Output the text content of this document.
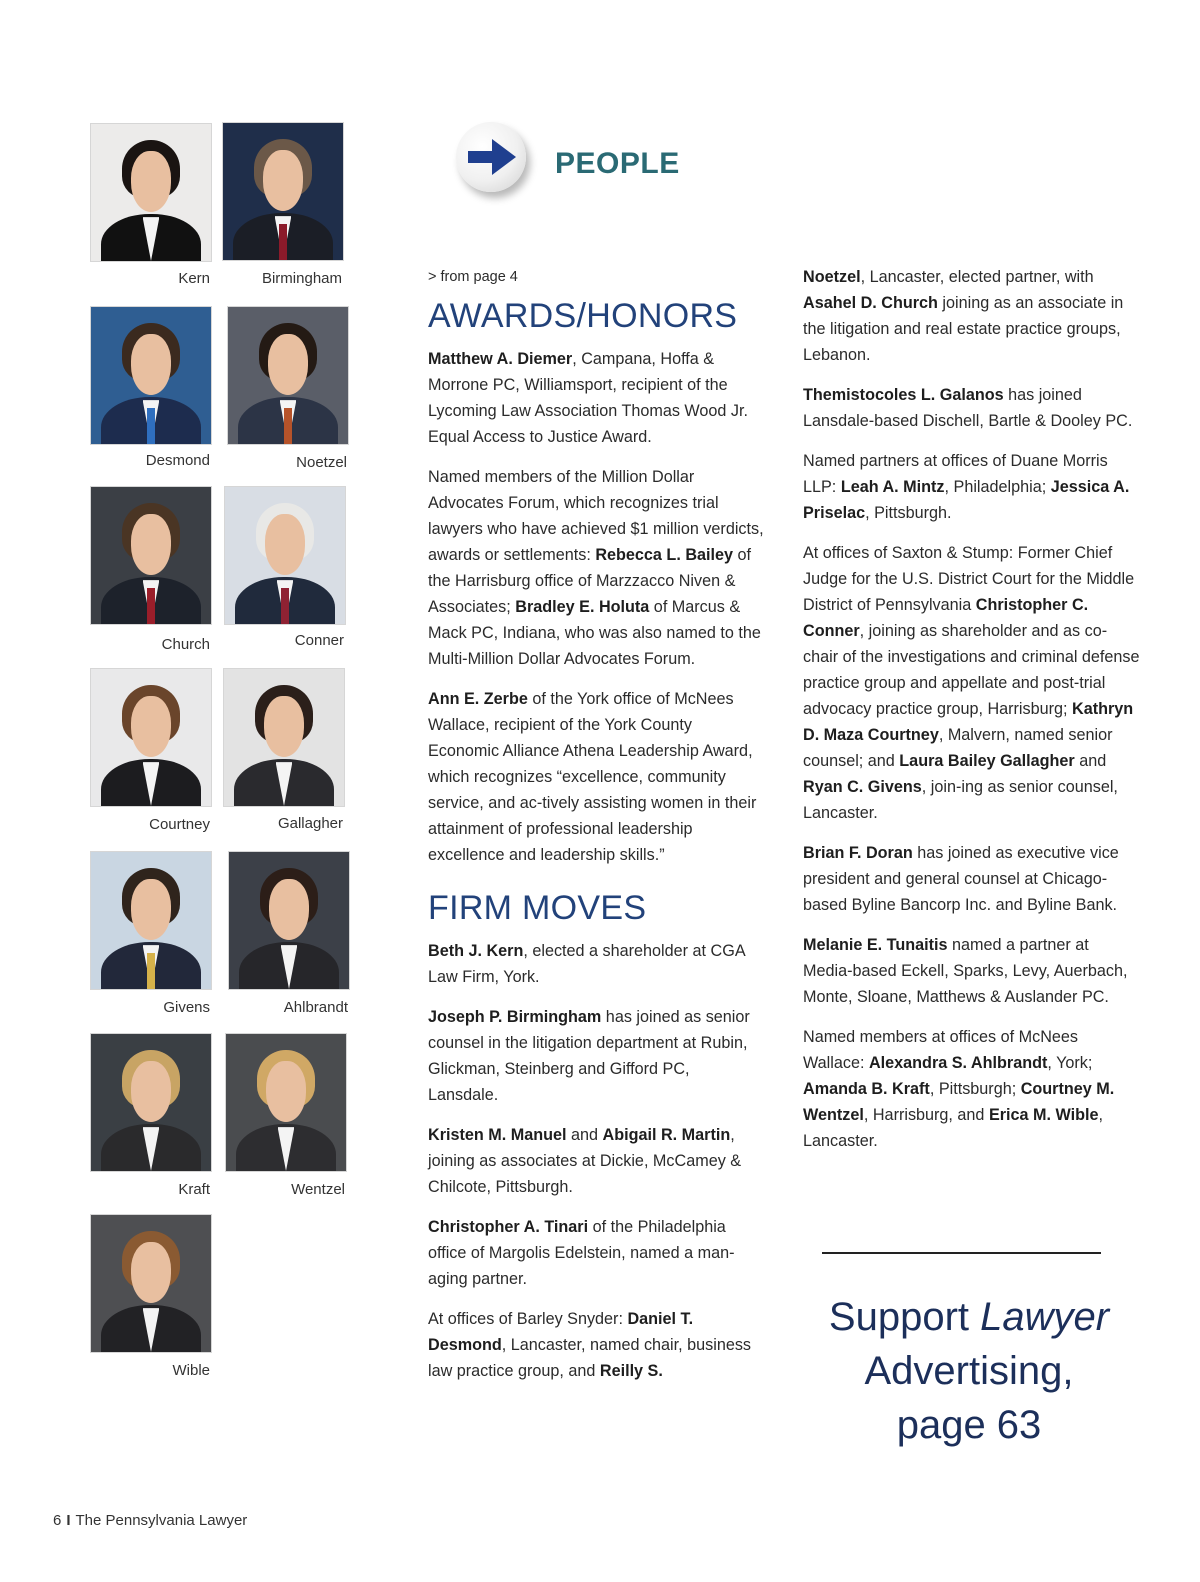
Kern	Birmingham
Desmond	Noetzel
Church	Conner
Courtney	Gallagher
Givens	Ahlbrandt
Kraft	Wentzel
Wible
PEOPLE

> from page 4

AWARDS/HONORS

Matthew A. Diemer, Campana, Hoffa & Morrone PC, Williamsport, recipient of the Lycoming Law Association Thomas Wood Jr. Equal Access to Justice Award.

Named members of the Million Dollar Advocates Forum, which recognizes trial lawyers who have achieved $1 million verdicts, awards or settlements: Rebecca L. Bailey of the Harrisburg office of Marzzacco Niven & Associates; Bradley E. Holuta of Marcus & Mack PC, Indiana, who was also named to the Multi-Million Dollar Advocates Forum.

Ann E. Zerbe of the York office of McNees Wallace, recipient of the York County Economic Alliance Athena Leadership Award, which recognizes “excellence, community service, and ac-tively assisting women in their attainment of professional leadership excellence and leadership skills.”

FIRM MOVES

Beth J. Kern, elected a shareholder at CGA Law Firm, York.

Joseph P. Birmingham has joined as senior counsel in the litigation department at Rubin, Glickman, Steinberg and Gifford PC, Lansdale.

Kristen M. Manuel and Abigail R. Martin, joining as associates at Dickie, McCamey & Chilcote, Pittsburgh.

Christopher A. Tinari of the Philadelphia office of Margolis Edelstein, named a man-aging partner.

At offices of Barley Snyder: Daniel T. Desmond, Lancaster, named chair, business law practice group, and Reilly S.

Noetzel, Lancaster, elected partner, with Asahel D. Church joining as an associate in the litigation and real estate practice groups, Lebanon.

Themistocoles L. Galanos has joined Lansdale-based Dischell, Bartle & Dooley PC.

Named partners at offices of Duane Morris LLP: Leah A. Mintz, Philadelphia; Jessica A. Priselac, Pittsburgh.

At offices of Saxton & Stump: Former Chief Judge for the U.S. District Court for the Middle District of Pennsylvania Christopher C. Conner, joining as shareholder and as co-chair of the investigations and criminal defense practice group and appellate and post-trial advocacy practice group, Harrisburg; Kathryn D. Maza Courtney, Malvern, named senior counsel; and Laura Bailey Gallagher and Ryan C. Givens, join-ing as senior counsel, Lancaster.

Brian F. Doran has joined as executive vice president and general counsel at Chicago-based Byline Bancorp Inc. and Byline Bank.

Melanie E. Tunaitis named a partner at Media-based Eckell, Sparks, Levy, Auerbach, Monte, Sloane, Matthews & Auslander PC.

Named members at offices of McNees Wallace: Alexandra S. Ahlbrandt, York; Amanda B. Kraft, Pittsburgh; Courtney M. Wentzel, Harrisburg, and Erica M. Wible, Lancaster.

Support Lawyer
Advertising,
page 63
6 I The Pennsylvania Lawyer
